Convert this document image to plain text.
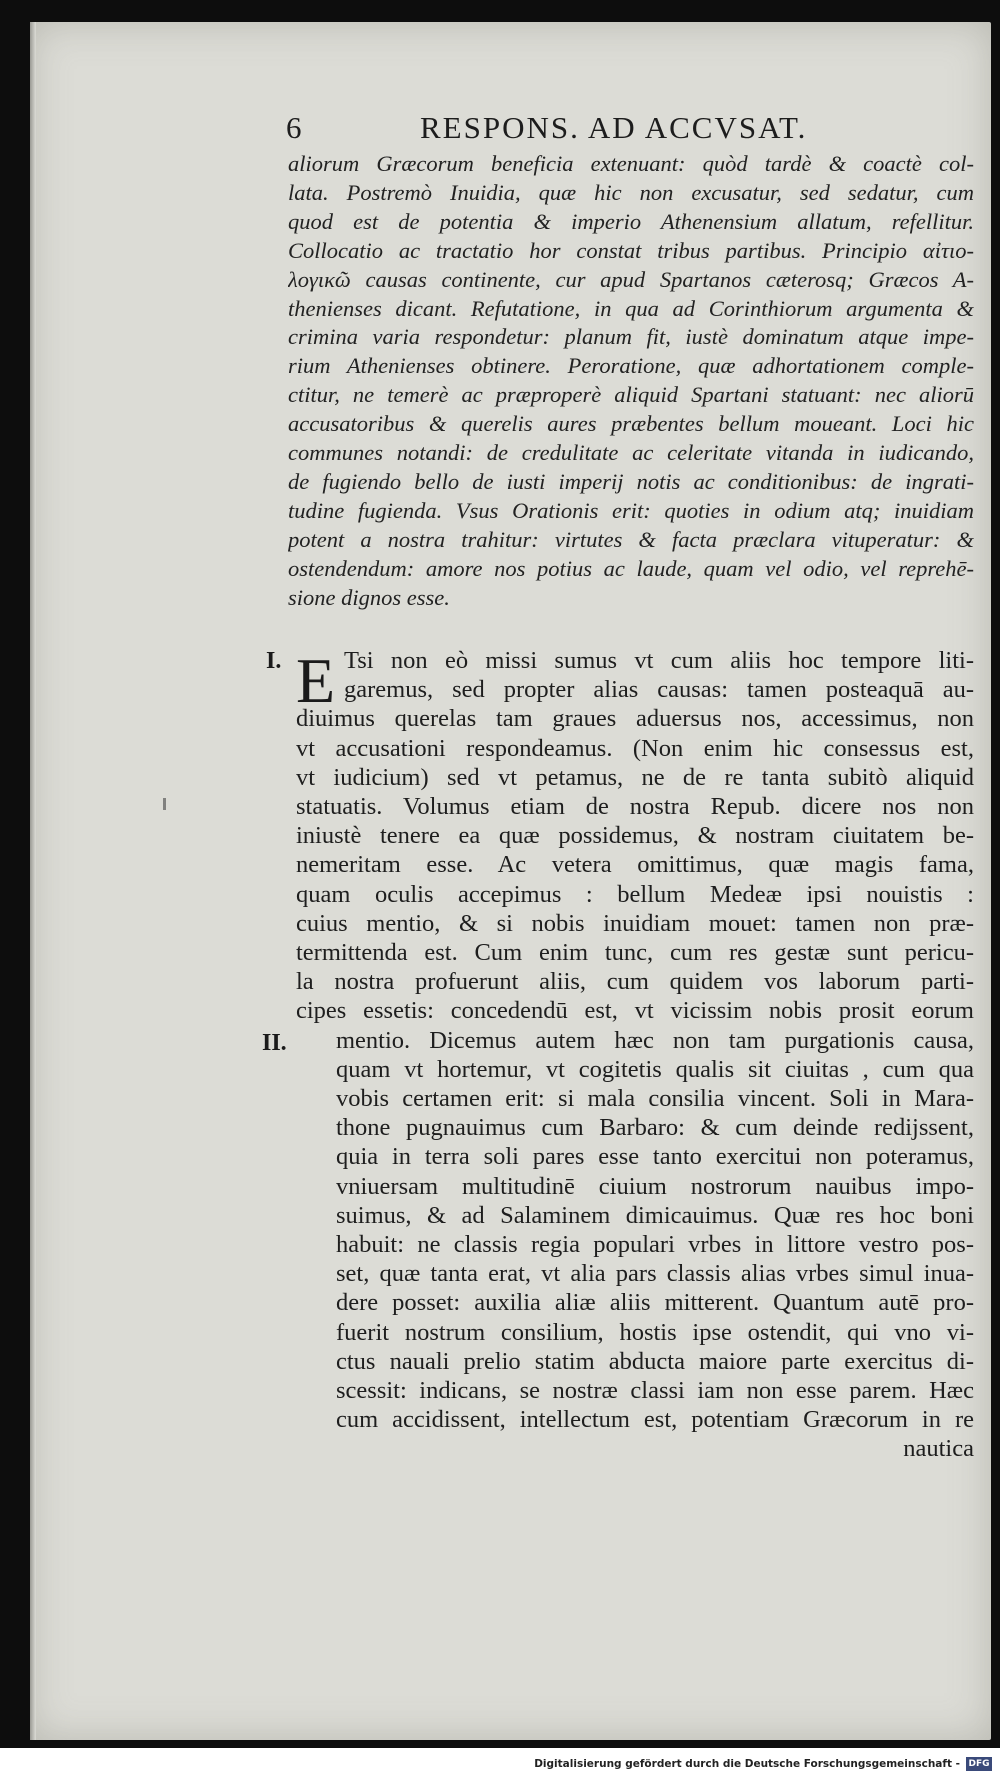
6	RESPONS. AD ACCVSAT.
aliorum Græcorum beneficia extenuant: quòd tardè & coactè col-
lata. Postremò Inuidia, quæ hic non excusatur, sed sedatur, cum
quod est de potentia & imperio Athenensium allatum, refellitur.
Collocatio ac tractatio hor constat tribus partibus. Principio αἰτιο-
λογικῶ causas continente, cur apud Spartanos cæterosq; Græcos A-
thenienses dicant. Refutatione, in qua ad Corinthiorum argumenta &
crimina varia respondetur: planum fit, iustè dominatum atque impe-
rium Athenienses obtinere. Peroratione, quæ adhortationem comple-
ctitur, ne temerè ac præproperè aliquid Spartani statuant: nec aliorū
accusatoribus & querelis aures præbentes bellum moueant. Loci hic
communes notandi: de credulitate ac celeritate vitanda in iudicando,
de fugiendo bello de iusti imperij notis ac conditionibus: de ingrati-
tudine fugienda. Vsus Orationis erit: quoties in odium atq; inuidiam
potent a nostra trahitur: virtutes & facta præclara vituperatur: &
ostendendum: amore nos potius ac laude, quam vel odio, vel reprehē-
sione dignos esse.
I.
II.
E Tsi non eò missi sumus vt cum aliis hoc tempore liti-
garemus, sed propter alias causas: tamen posteaquā au-
diuimus querelas tam graues aduersus nos, accessimus, non
vt accusationi respondeamus. (Non enim hic consessus est,
vt iudicium) sed vt petamus, ne de re tanta subitò aliquid
statuatis. Volumus etiam de nostra Repub. dicere nos non
iniustè tenere ea quæ possidemus, & nostram ciuitatem be-
nemeritam esse. Ac vetera omittimus, quæ magis fama,
quam oculis accepimus : bellum Medeæ ipsi nouistis :
cuius mentio, & si nobis inuidiam mouet: tamen non præ-
termittenda est. Cum enim tunc, cum res gestæ sunt pericu-
la nostra profuerunt aliis, cum quidem vos laborum parti-
cipes essetis: concedendū est, vt vicissim nobis prosit eorum
mentio. Dicemus autem hæc non tam purgationis causa,
quam vt hortemur, vt cogitetis qualis sit ciuitas , cum qua
vobis certamen erit: si mala consilia vincent. Soli in Mara-
thone pugnauimus cum Barbaro: & cum deinde redijssent,
quia in terra soli pares esse tanto exercitui non poteramus,
vniuersam multitudinē ciuium nostrorum nauibus impo-
suimus, & ad Salaminem dimicauimus. Quæ res hoc boni
habuit: ne classis regia populari vrbes in littore vestro pos-
set, quæ tanta erat, vt alia pars classis alias vrbes simul inua-
dere posset: auxilia aliæ aliis mitterent. Quantum autē pro-
fuerit nostrum consilium, hostis ipse ostendit, qui vno vi-
ctus nauali prelio statim abducta maiore parte exercitus di-
scessit: indicans, se nostræ classi iam non esse parem. Hæc
cum accidissent, intellectum est, potentiam Græcorum in re
nautica
Digitalisierung gefördert durch die Deutsche Forschungsgemeinschaft - DFG
